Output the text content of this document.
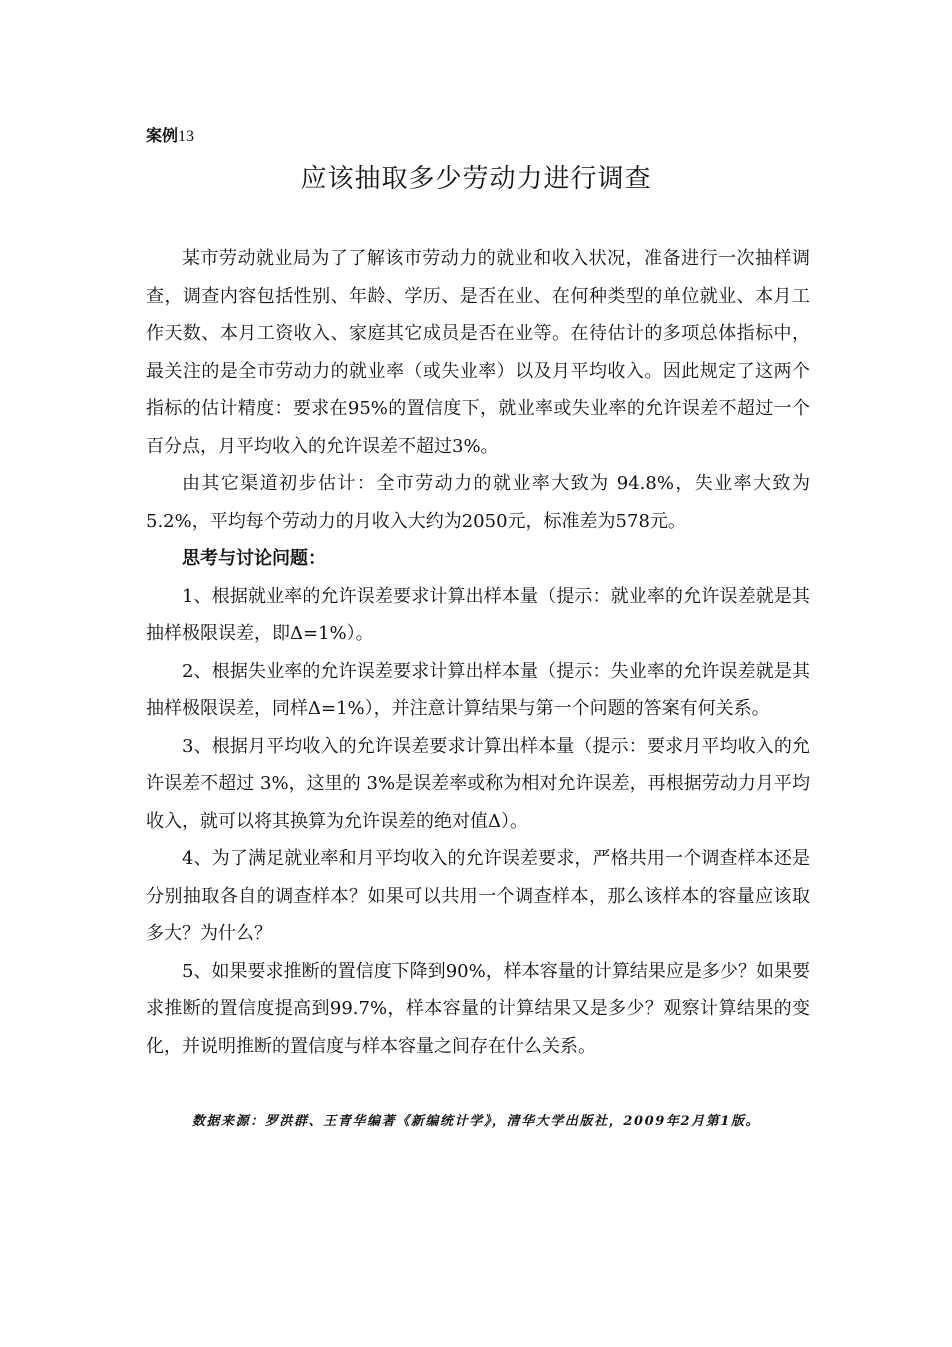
案例13
应该抽取多少劳动力进行调查

某市劳动就业局为了了解该市劳动力的就业和收入状况，准备进行一次抽样调查，调查内容包括性别、年龄、学历、是否在业、在何种类型的单位就业、本月工作天数、本月工资收入、家庭其它成员是否在业等。在待估计的多项总体指标中，最关注的是全市劳动力的就业率（或失业率）以及月平均收入。因此规定了这两个指标的估计精度：要求在95%的置信度下，就业率或失业率的允许误差不超过一个百分点，月平均收入的允许误差不超过3%。

由其它渠道初步估计：全市劳动力的就业率大致为 94.8%，失业率大致为5.2%，平均每个劳动力的月收入大约为2050元，标准差为578元。

思考与讨论问题：

1、根据就业率的允许误差要求计算出样本量（提示：就业率的允许误差就是其抽样极限误差，即Δ=1%）。

2、根据失业率的允许误差要求计算出样本量（提示：失业率的允许误差就是其抽样极限误差，同样Δ=1%），并注意计算结果与第一个问题的答案有何关系。

3、根据月平均收入的允许误差要求计算出样本量（提示：要求月平均收入的允许误差不超过 3%，这里的 3%是误差率或称为相对允许误差，再根据劳动力月平均收入，就可以将其换算为允许误差的绝对值Δ）。

4、为了满足就业率和月平均收入的允许误差要求，严格共用一个调查样本还是分别抽取各自的调查样本？如果可以共用一个调查样本，那么该样本的容量应该取多大？为什么？

5、如果要求推断的置信度下降到90%，样本容量的计算结果应是多少？如果要求推断的置信度提高到99.7%，样本容量的计算结果又是多少？观察计算结果的变化，并说明推断的置信度与样本容量之间存在什么关系。

数据来源：罗洪群、王青华编著《新编统计学》，清华大学出版社，2009年2月第1版。
